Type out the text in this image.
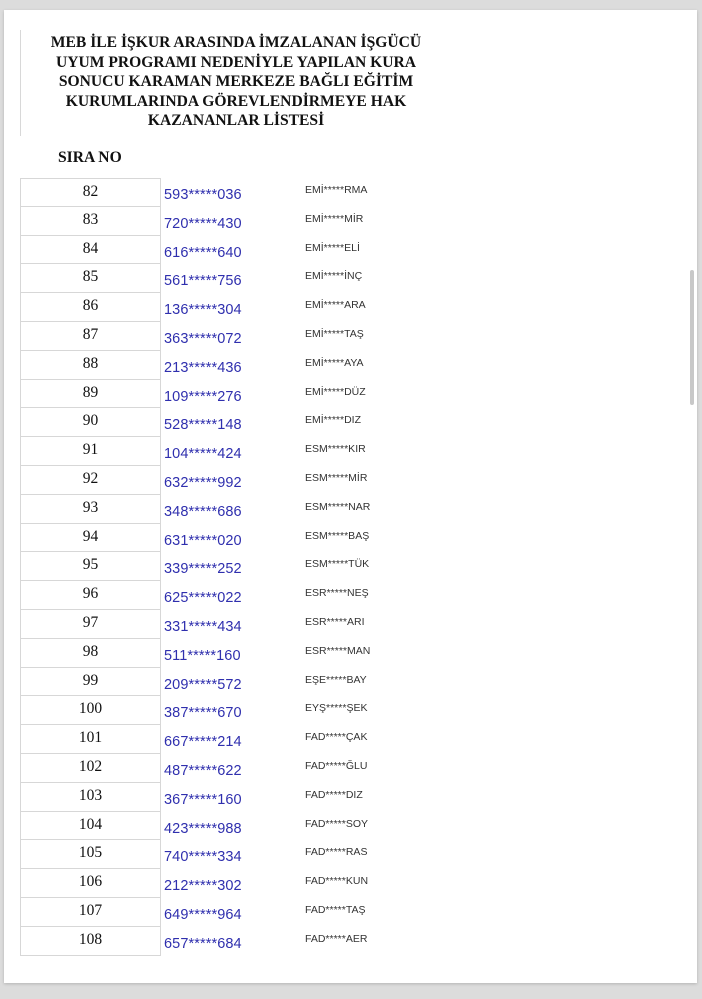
MEB İLE İŞKUR ARASINDA İMZALANAN İŞGÜCÜ
UYUM PROGRAMI NEDENİYLE YAPILAN KURA
SONUCU KARAMAN MERKEZE BAĞLI EĞİTİM
KURUMLARINDA GÖREVLENDİRMEYE HAK
KAZANANLAR LİSTESİ
SIRA NO
82	593*****036	EMİ*****RMA
83	720*****430	EMİ*****MİR
84	616*****640	EMİ*****ELİ
85	561*****756	EMİ*****İNÇ
86	136*****304	EMİ*****ARA
87	363*****072	EMİ*****TAŞ
88	213*****436	EMİ*****AYA
89	109*****276	EMİ*****DÜZ
90	528*****148	EMİ*****DIZ
91	104*****424	ESM*****KIR
92	632*****992	ESM*****MİR
93	348*****686	ESM*****NAR
94	631*****020	ESM*****BAŞ
95	339*****252	ESM*****TÜK
96	625*****022	ESR*****NEŞ
97	331*****434	ESR*****ARI
98	511*****160	ESR*****MAN
99	209*****572	EŞE*****BAY
100	387*****670	EYŞ*****ŞEK
101	667*****214	FAD*****ÇAK
102	487*****622	FAD*****ĞLU
103	367*****160	FAD*****DIZ
104	423*****988	FAD*****SOY
105	740*****334	FAD*****RAS
106	212*****302	FAD*****KUN
107	649*****964	FAD*****TAŞ
108	657*****684	FAD*****AER
